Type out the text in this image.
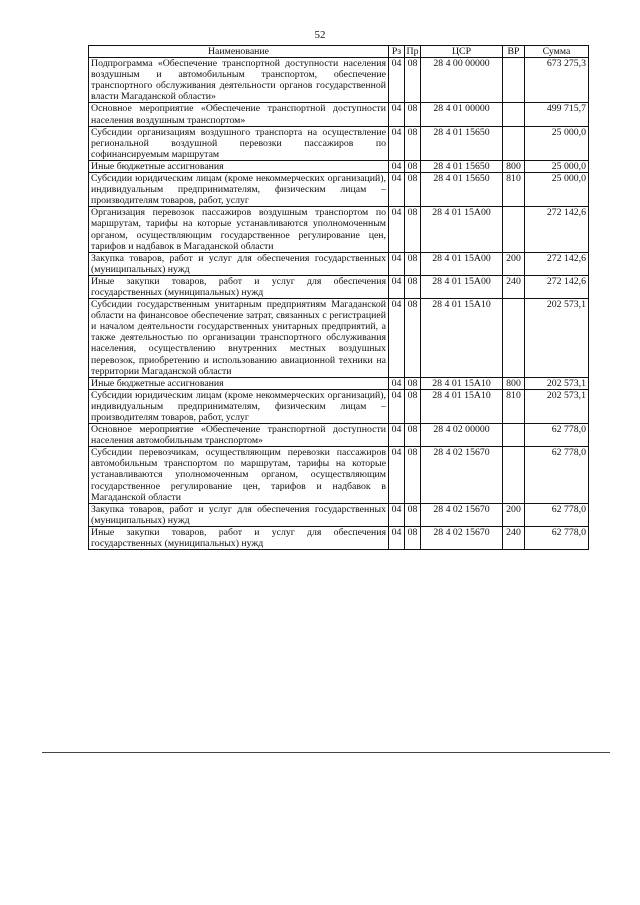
52
Наименование	Рз	Пр	ЦСР	ВР	Сумма
Подпрограмма «Обеспечение транспортной доступности населения воздушным и автомобильным транспортом, обеспечение транспортного обслуживания деятельности органов государственной власти Магаданской области»	04	08	28 4 00 00000		673 275,3
Основное мероприятие «Обеспечение транспортной доступности населения воздушным транспортом»	04	08	28 4 01 00000		499 715,7
Субсидии организациям воздушного транспорта на осуществление региональной воздушной перевозки пассажиров по софинансируемым маршрутам	04	08	28 4 01 15650		25 000,0
Иные бюджетные ассигнования	04	08	28 4 01 15650	800	25 000,0
Субсидии юридическим лицам (кроме некоммерческих организаций), индивидуальным предпринимателям, физическим лицам – производителям товаров, работ, услуг	04	08	28 4 01 15650	810	25 000,0
Организация перевозок пассажиров воздушным транспортом по маршрутам, тарифы на которые устанавливаются уполномоченным органом, осуществляющим государственное регулирование цен, тарифов и надбавок в Магаданской области	04	08	28 4 01 15А00		272 142,6
Закупка товаров, работ и услуг для обеспечения государственных (муниципальных) нужд	04	08	28 4 01 15А00	200	272 142,6
Иные закупки товаров, работ и услуг для обеспечения государственных (муниципальных) нужд	04	08	28 4 01 15А00	240	272 142,6
Субсидии государственным унитарным предприятиям Магаданской области на финансовое обеспечение затрат, связанных с регистрацией и началом деятельности государственных унитарных предприятий, а также деятельностью по организации транспортного обслуживания населения, осуществлению внутренних местных воздушных перевозок, приобретению и использованию авиационной техники на территории Магаданской области	04	08	28 4 01 15А10		202 573,1
Иные бюджетные ассигнования	04	08	28 4 01 15А10	800	202 573,1
Субсидии юридическим лицам (кроме некоммерческих организаций), индивидуальным предпринимателям, физическим лицам – производителям товаров, работ, услуг	04	08	28 4 01 15А10	810	202 573,1
Основное мероприятие «Обеспечение транспортной доступности населения автомобильным транспортом»	04	08	28 4 02 00000		62 778,0
Субсидии перевозчикам, осуществляющим перевозки пассажиров автомобильным транспортом по маршрутам, тарифы на которые устанавливаются уполномоченным органом, осуществляющим государственное регулирование цен, тарифов и надбавок в Магаданской области	04	08	28 4 02 15670		62 778,0
Закупка товаров, работ и услуг для обеспечения государственных (муниципальных) нужд	04	08	28 4 02 15670	200	62 778,0
Иные закупки товаров, работ и услуг для обеспечения государственных (муниципальных) нужд	04	08	28 4 02 15670	240	62 778,0
